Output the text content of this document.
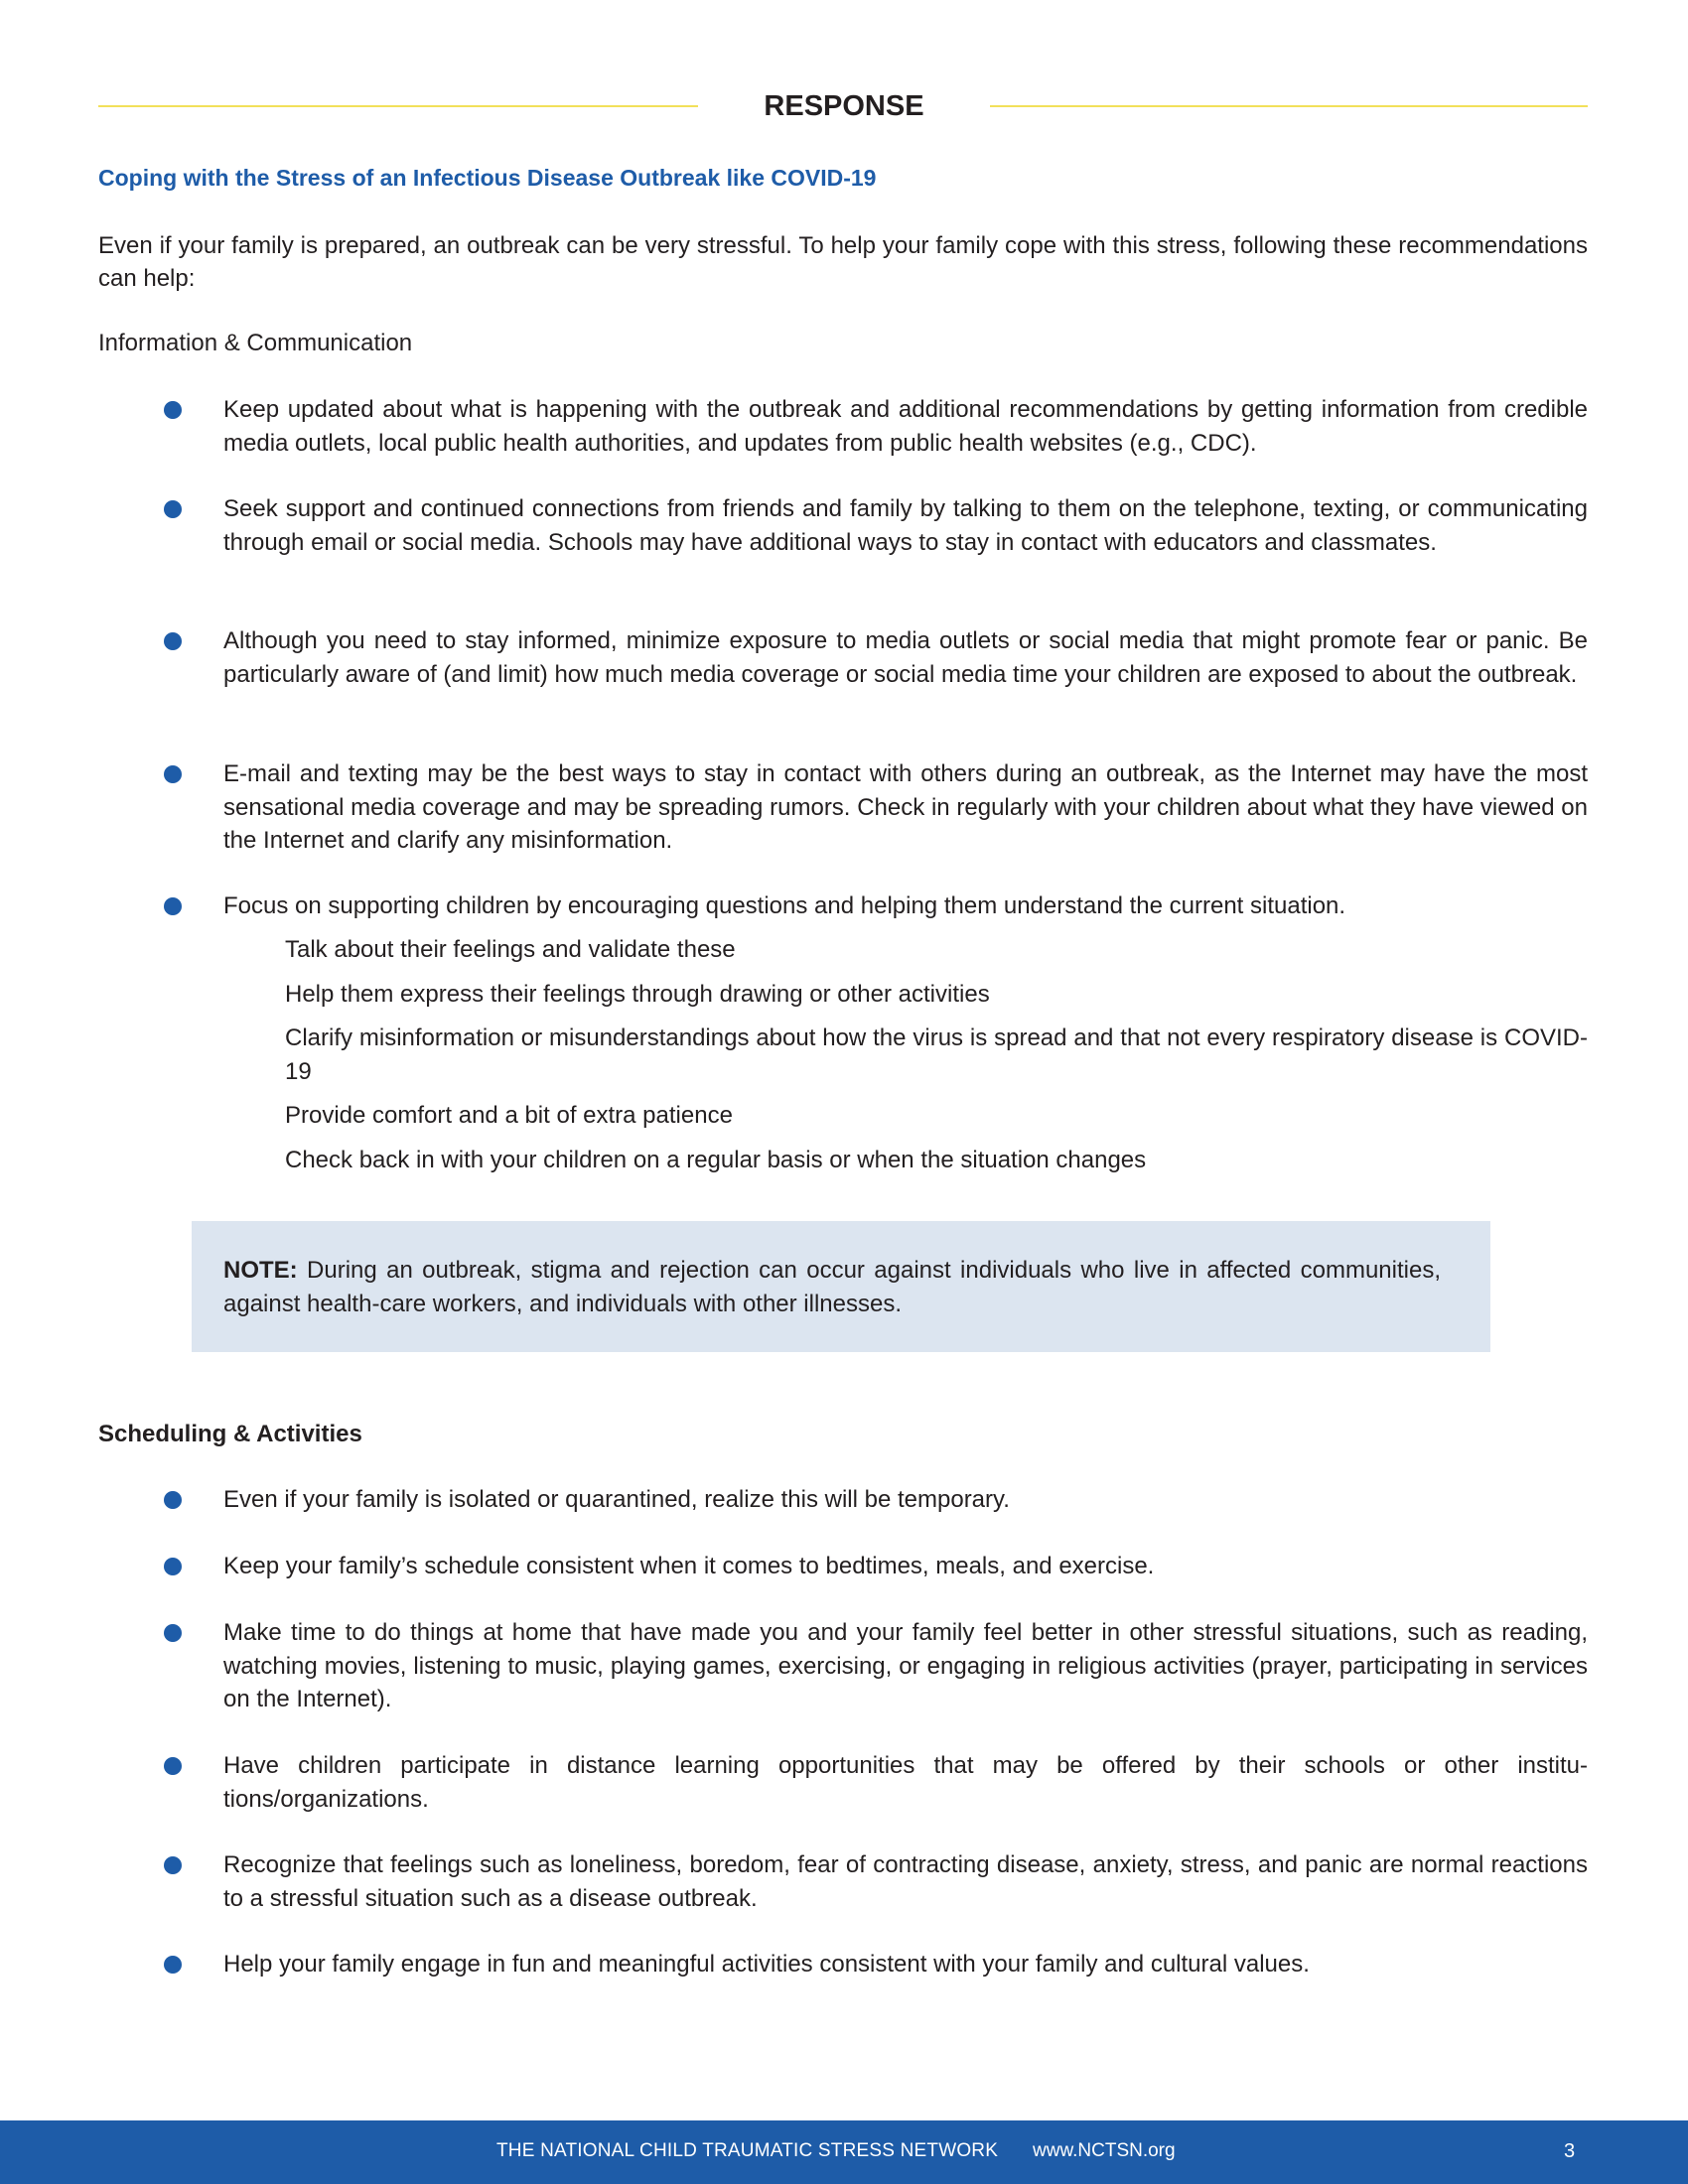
RESPONSE
Coping with the Stress of an Infectious Disease Outbreak like COVID-19
Even if your family is prepared, an outbreak can be very stressful. To help your family cope with this stress, following these recommendations can help:
Information & Communication
Keep updated about what is happening with the outbreak and additional recommendations by getting information from credible media outlets, local public health authorities, and updates from public health websites (e.g., CDC).
Seek support and continued connections from friends and family by talking to them on the telephone, texting, or communicating through email or social media. Schools may have additional ways to stay in contact with educators and classmates.
Although you need to stay informed, minimize exposure to media outlets or social media that might promote fear or panic. Be particularly aware of (and limit) how much media coverage or social media time your children are exposed to about the outbreak.
E-mail and texting may be the best ways to stay in contact with others during an outbreak, as the Internet may have the most sensational media coverage and may be spreading rumors. Check in regularly with your children about what they have viewed on the Internet and clarify any misinformation.
Focus on supporting children by encouraging questions and helping them understand the current situation.
Talk about their feelings and validate these
Help them express their feelings through drawing or other activities
Clarify misinformation or misunderstandings about how the virus is spread and that not every respiratory disease is COVID-19
Provide comfort and a bit of extra patience
Check back in with your children on a regular basis or when the situation changes
NOTE: During an outbreak, stigma and rejection can occur against individuals who live in affected communities, against health-care workers, and individuals with other illnesses.
Scheduling & Activities
Even if your family is isolated or quarantined, realize this will be temporary.
Keep your family’s schedule consistent when it comes to bedtimes, meals, and exercise.
Make time to do things at home that have made you and your family feel better in other stressful situations, such as reading, watching movies, listening to music, playing games, exercising, or engaging in religious activities (prayer, participating in services on the Internet).
Have children participate in distance learning opportunities that may be offered by their schools or other institu-tions/organizations.
Recognize that feelings such as loneliness, boredom, fear of contracting disease, anxiety, stress, and panic are normal reactions to a stressful situation such as a disease outbreak.
Help your family engage in fun and meaningful activities consistent with your family and cultural values.
THE NATIONAL CHILD TRAUMATIC STRESS NETWORK www.NCTSN.org	3
